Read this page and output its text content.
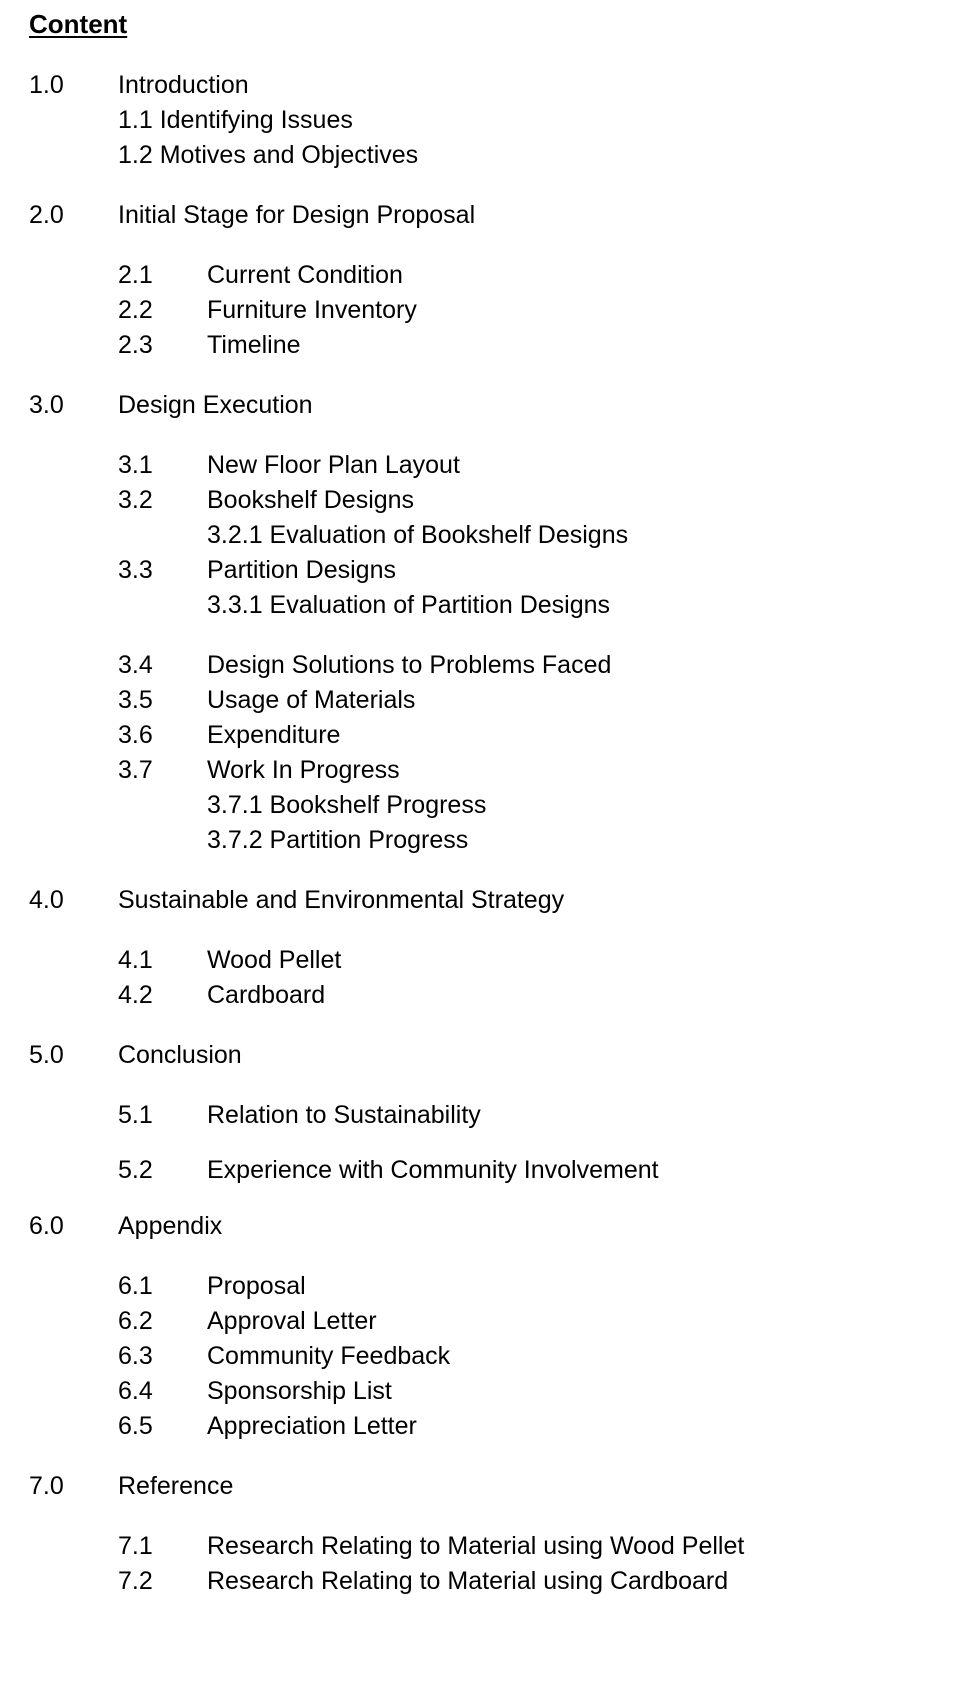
Content
1.0 Introduction
1.1 Identifying Issues
1.2 Motives and Objectives
2.0 Initial Stage for Design Proposal
2.1 Current Condition
2.2 Furniture Inventory
2.3 Timeline
3.0 Design Execution
3.1 New Floor Plan Layout
3.2 Bookshelf Designs
3.2.1 Evaluation of Bookshelf Designs
3.3 Partition Designs
3.3.1 Evaluation of Partition Designs
3.4 Design Solutions to Problems Faced
3.5 Usage of Materials
3.6 Expenditure
3.7 Work In Progress
3.7.1 Bookshelf Progress
3.7.2 Partition Progress
4.0 Sustainable and Environmental Strategy
4.1 Wood Pellet
4.2 Cardboard
5.0 Conclusion
5.1 Relation to Sustainability
5.2 Experience with Community Involvement
6.0 Appendix
6.1 Proposal
6.2 Approval Letter
6.3 Community Feedback
6.4 Sponsorship List
6.5 Appreciation Letter
7.0 Reference
7.1 Research Relating to Material using Wood Pellet
7.2 Research Relating to Material using Cardboard
